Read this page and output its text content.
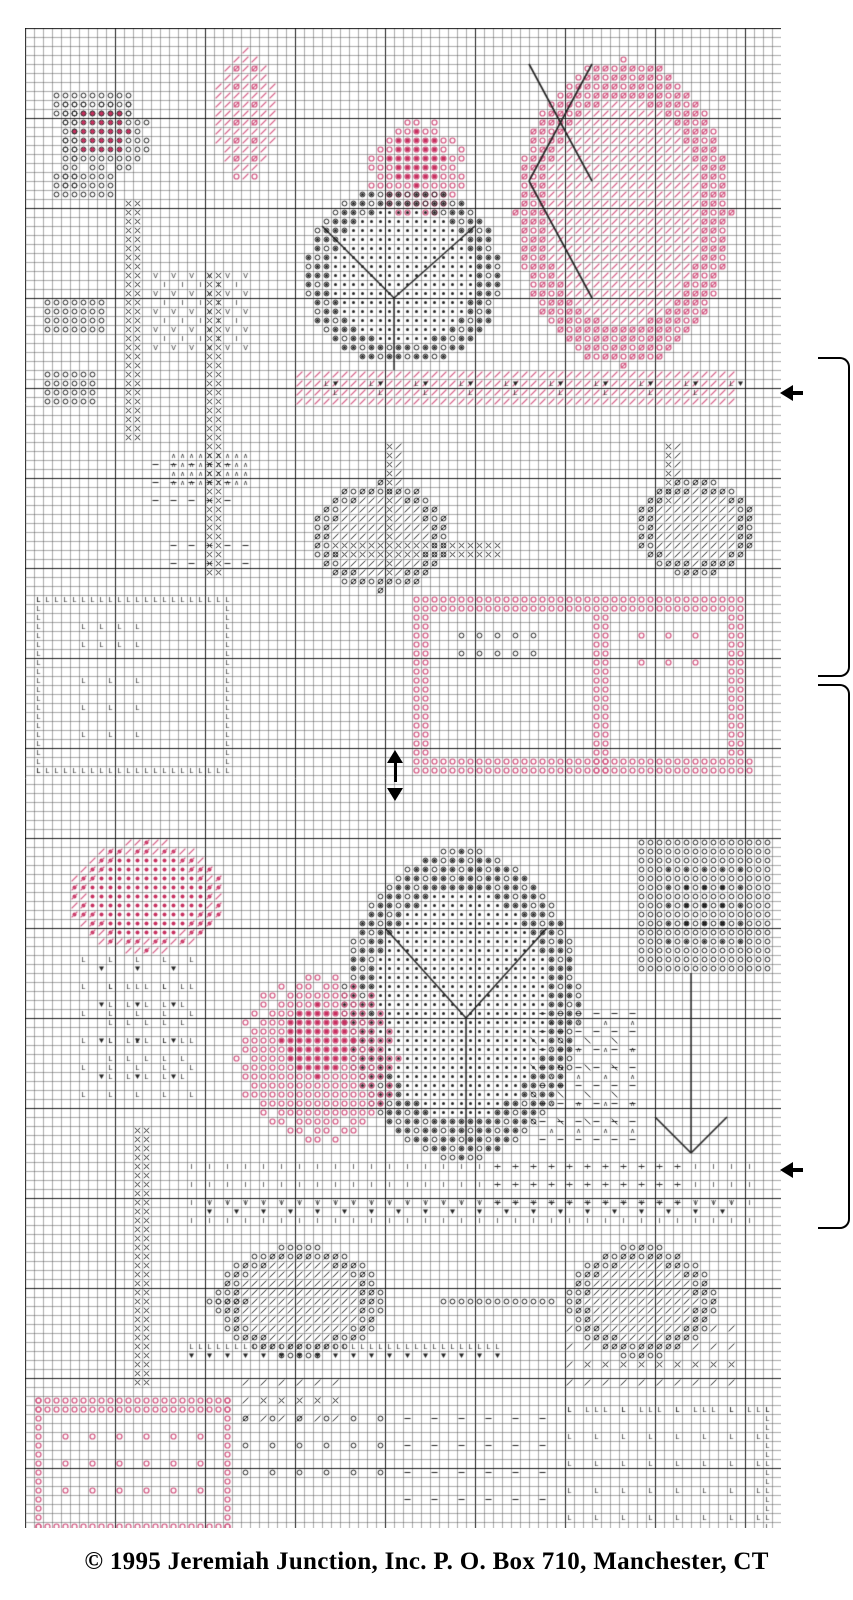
© 1995 Jeremiah Junction, Inc. P. O. Box 710, Manchester, CT
